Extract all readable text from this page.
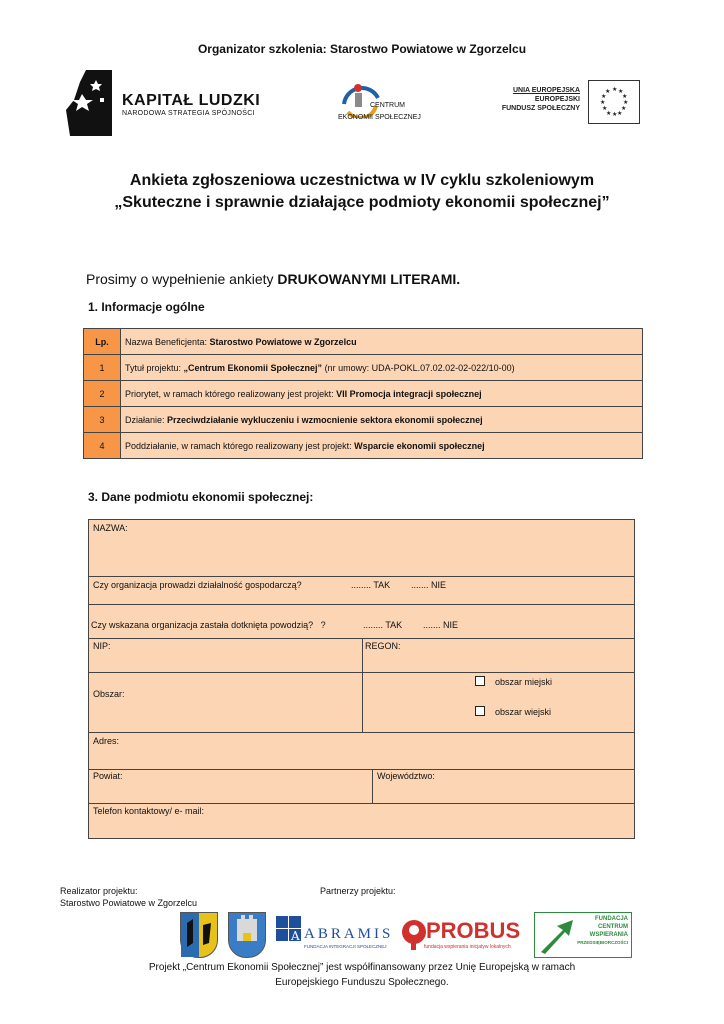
Organizator szkolenia: Starostwo Powiatowe w Zgorzelcu
KAPITAŁ LUDZKI
NARODOWA STRATEGIA SPÓJNOŚCI
CENTRUM
EKONOMII SPOŁECZNEJ
UNIA EUROPEJSKA
EUROPEJSKI
FUNDUSZ SPOŁECZNY
★ ★
★
★
★
★
★
★
★
★
★
★
Ankieta zgłoszeniowa uczestnictwa w IV cyklu szkoleniowym
„Skuteczne i sprawnie działające podmioty ekonomii społecznej”
Prosimy o wypełnienie ankiety DRUKOWANYMI LITERAMI.
1. Informacje ogólne
Lp.	Nazwa Beneficjenta: Starostwo Powiatowe w Zgorzelcu
1	Tytuł projektu: „Centrum Ekonomii Społecznej” (nr umowy: UDA-POKL.07.02.02-02-022/10-00)
2	Priorytet, w ramach którego realizowany jest projekt: VII Promocja integracji społecznej
3	Działanie: Przeciwdziałanie wykluczeniu i wzmocnienie sektora ekonomii społecznej
4	Poddziałanie, w ramach którego realizowany jest projekt: Wsparcie ekonomii społecznej
3. Dane podmiotu ekonomii społecznej:
NAZWA:
Czy organizacja prowadzi działalność gospodarczą?	........ TAK ....... NIE
Czy wskazana organizacja zastała dotknięta powodzią?   ?	........ TAK ....... NIE
NIP:	REGON:
Obszar:
obszar miejski
obszar wiejski
Adres:
Powiat:	Województwo:
Telefon kontaktowy/ e- mail:
Realizator projektu:
Starostwo Powiatowe w Zgorzelcu
Partnerzy projektu:
A ABRAMIS
FUNDACJA INTEGRACJI SPOŁECZNEJ
PROBUS
fundacja wspierania inicjatyw lokalnych
FUNDACJA
CENTRUM
WSPIERANIA
PRZEDSIĘBIORCZOŚCI
Projekt „Centrum Ekonomii Społecznej” jest współfinansowany przez Unię Europejską w ramach
Europejskiego Funduszu Społecznego.
